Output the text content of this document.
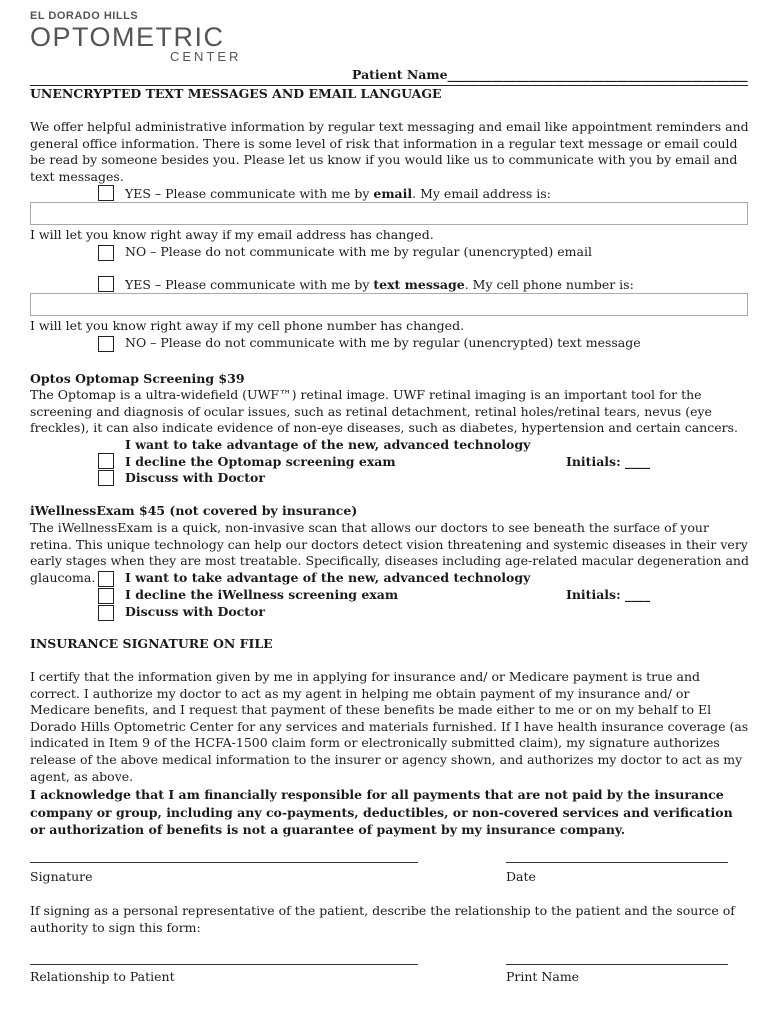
EL DORADO HILLS
OPTOMETRIC
CENTER
Patient Name________________________________________________
UNENCRYPTED TEXT MESSAGES AND EMAIL LANGUAGE
We offer helpful administrative information by regular text messaging and email like appointment reminders and general office information. There is some level of risk that information in a regular text message or email could be read by someone besides you. Please let us know if you would like us to communicate with you by email and text messages.
YES – Please communicate with me by email. My email address is:
I will let you know right away if my email address has changed.
NO – Please do not communicate with me by regular (unencrypted) email
YES – Please communicate with me by text message. My cell phone number is:
I will let you know right away if my cell phone number has changed.
NO – Please do not communicate with me by regular (unencrypted) text message
Optos Optomap Screening $39
The Optomap is a ultra-widefield (UWF™) retinal image. UWF retinal imaging is an important tool for the screening and diagnosis of ocular issues, such as retinal detachment, retinal holes/retinal tears, nevus (eye freckles), it can also indicate evidence of non-eye diseases, such as diabetes, hypertension and certain cancers.
I want to take advantage of the new, advanced technology
I decline the Optomap screening exam	Initials: ____
Discuss with Doctor
iWellnessExam $45 (not covered by insurance)
The iWellnessExam is a quick, non-invasive scan that allows our doctors to see beneath the surface of your retina. This unique technology can help our doctors detect vision threatening and systemic diseases in their very early stages when they are most treatable. Specifically, diseases including age-related macular degeneration and glaucoma.	I want to take advantage of the new, advanced technology
I decline the iWellness screening exam	Initials: ____
Discuss with Doctor
INSURANCE SIGNATURE ON FILE
I certify that the information given by me in applying for insurance and/ or Medicare payment is true and correct. I authorize my doctor to act as my agent in helping me obtain payment of my insurance and/ or Medicare benefits, and I request that payment of these benefits be made either to me or on my behalf to El Dorado Hills Optometric Center for any services and materials furnished. If I have health insurance coverage (as indicated in Item 9 of the HCFA-1500 claim form or electronically submitted claim), my signature authorizes release of the above medical information to the insurer or agency shown, and authorizes my doctor to act as my agent, as above.
I acknowledge that I am financially responsible for all payments that are not paid by the insurance company or group, including any co-payments, deductibles, or non-covered services and verification or authorization of benefits is not a guarantee of payment by my insurance company.
Signature	Date
If signing as a personal representative of the patient, describe the relationship to the patient and the source of authority to sign this form:
Relationship to Patient	Print Name
